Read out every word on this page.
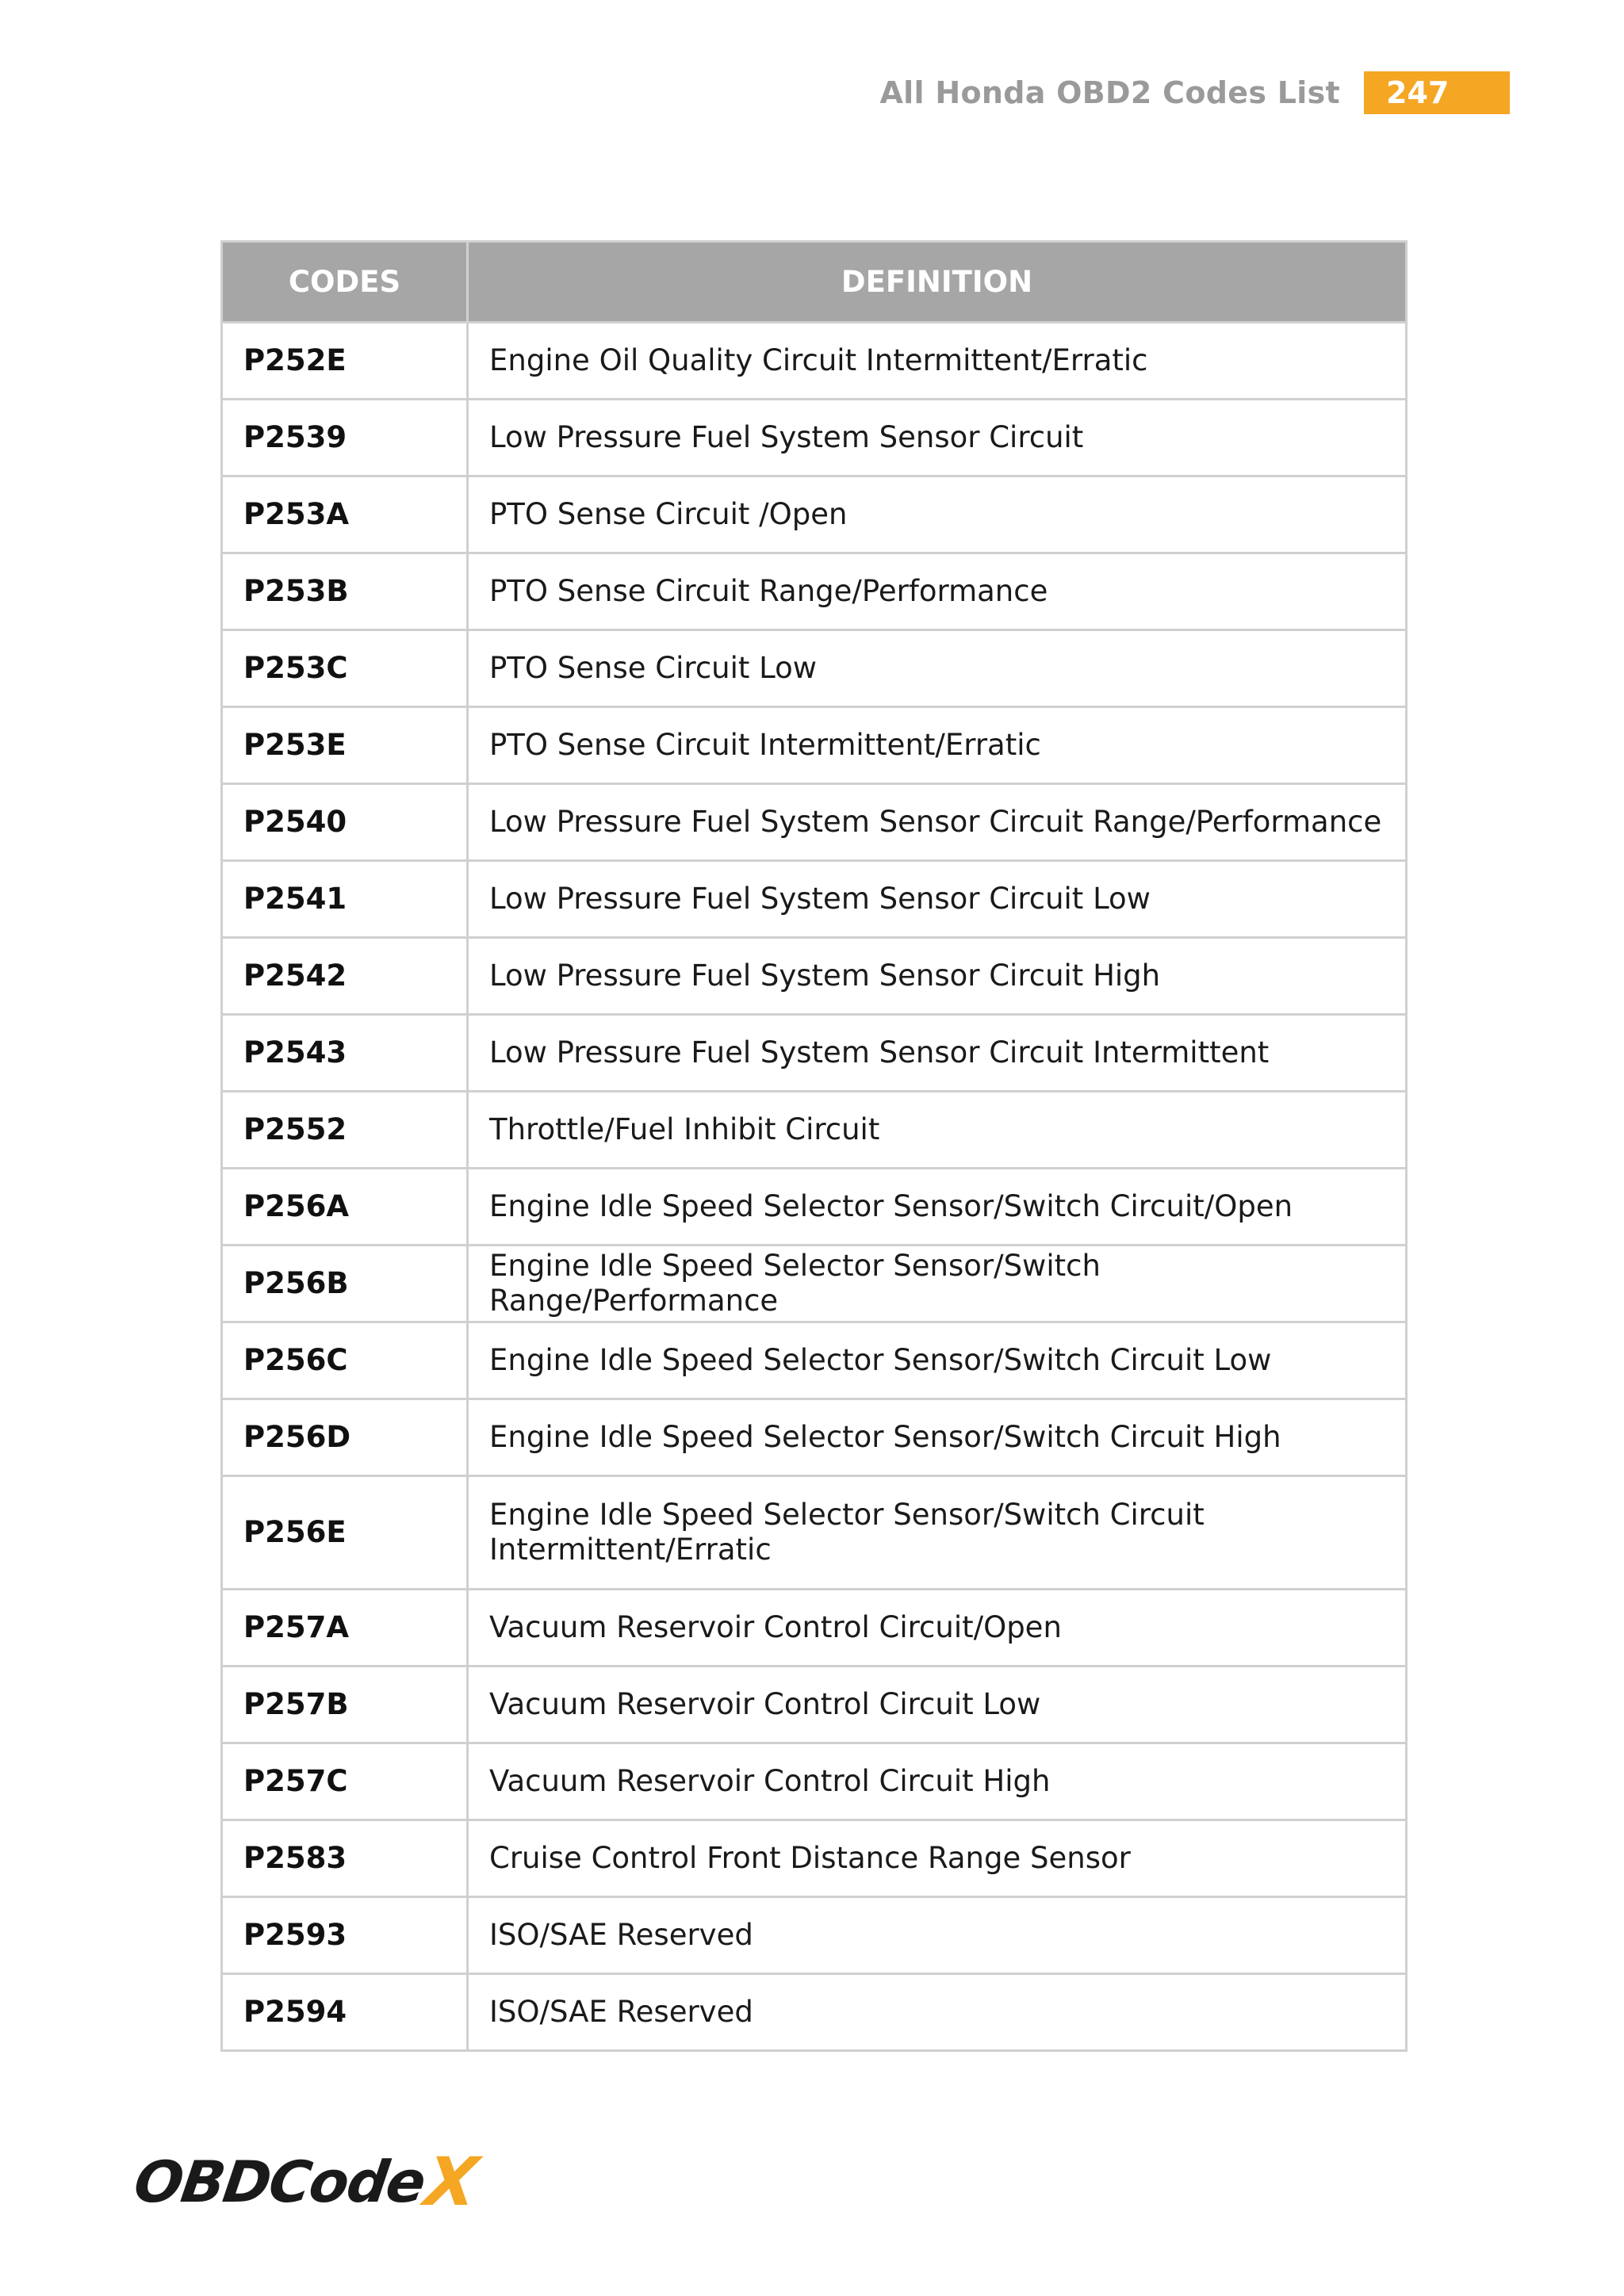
All Honda OBD2 Codes List	247
CODES	DEFINITION
P252E	Engine Oil Quality Circuit Intermittent/Erratic
P2539	Low Pressure Fuel System Sensor Circuit
P253A	PTO Sense Circuit /Open
P253B	PTO Sense Circuit Range/Performance
P253C	PTO Sense Circuit Low
P253E	PTO Sense Circuit Intermittent/Erratic
P2540	Low Pressure Fuel System Sensor Circuit Range/Performance
P2541	Low Pressure Fuel System Sensor Circuit Low
P2542	Low Pressure Fuel System Sensor Circuit High
P2543	Low Pressure Fuel System Sensor Circuit Intermittent
P2552	Throttle/Fuel Inhibit Circuit
P256A	Engine Idle Speed Selector Sensor/Switch Circuit/Open
P256B	Engine Idle Speed Selector Sensor/Switch Range/Performance
P256C	Engine Idle Speed Selector Sensor/Switch Circuit Low
P256D	Engine Idle Speed Selector Sensor/Switch Circuit High
P256E	Engine Idle Speed Selector Sensor/Switch Circuit Intermittent/Erratic
P257A	Vacuum Reservoir Control Circuit/Open
P257B	Vacuum Reservoir Control Circuit Low
P257C	Vacuum Reservoir Control Circuit High
P2583	Cruise Control Front Distance Range Sensor
P2593	ISO/SAE Reserved
P2594	ISO/SAE Reserved
OBDCode
X
